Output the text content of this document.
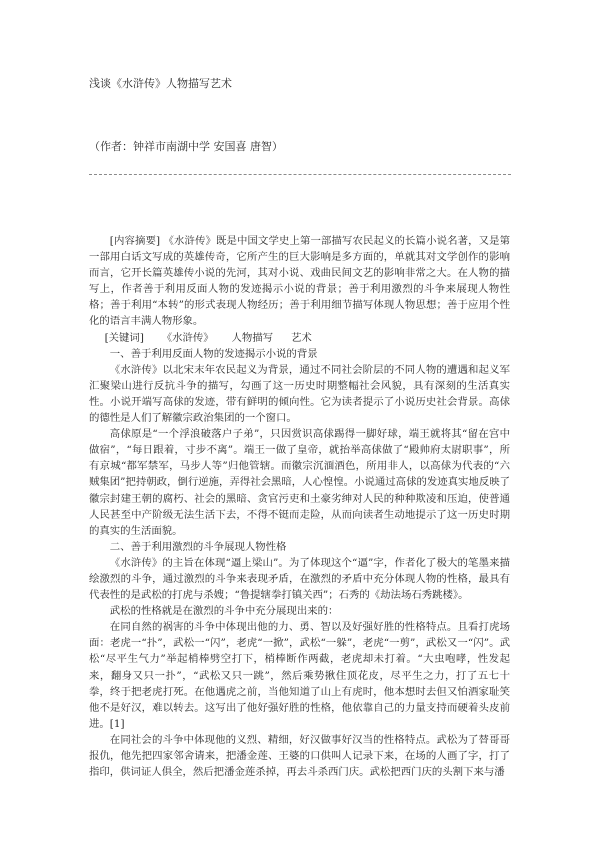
浅谈《水浒传》人物描写艺术
（作者：钟祥市南湖中学 安国喜 唐智）

[内容摘要] 《水浒传》既是中国文学史上第一部描写农民起义的长篇小说名著，又是第一部用白话文写成的英雄传奇，它所产生的巨大影响是多方面的，单就其对文学创作的影响而言，它开长篇英雄传小说的先河，其对小说、戏曲民间文艺的影响非常之大。在人物的描写上，作者善于利用反面人物的发迹揭示小说的背景；善于利用激烈的斗争来展现人物性格；善于利用“本转”的形式表现人物经历；善于利用细节描写体现人物思想；善于应用个性化的语言丰满人物形象。

[关键词] 《水浒传》 人物描写 艺术

一、善于利用反面人物的发迹揭示小说的背景

《水浒传》以北宋末年农民起义为背景，通过不同社会阶层的不同人物的遭遇和起义军汇聚梁山进行反抗斗争的描写，勾画了这一历史时期整幅社会风貌，具有深刻的生活真实性。小说开端写高俅的发迹，带有鲜明的倾向性。它为读者提示了小说历史社会背景。高俅的德性是人们了解徽宗政治集团的一个窗口。

高俅原是“一个浮浪破落户子弟”，只因赏识高俅踢得一脚好球，端王就将其“留在宫中做宿”，“每日跟着，寸步不离”。端王一做了皇帝，就抬举高俅做了“殿帅府太尉职事”，所有京城“都军禁军，马步人等”归他管辖。而徽宗沉湎酒色，所用非人，以高俅为代表的“六贼集团”把持朝政，倒行逆施，弄得社会黑暗，人心惶惶。小说通过高俅的发迹真实地反映了徽宗封建王朝的腐朽、社会的黑暗、贪官污吏和土豪劣绅对人民的种种欺凌和压迫，使普通人民甚至中产阶级无法生活下去，不得不铤而走险，从而向读者生动地提示了这一历史时期的真实的生活面貌。

二、善于利用激烈的斗争展现人物性格

《水浒传》的主旨在体现“逼上梁山”。为了体现这个“逼”字，作者化了极大的笔墨来描绘激烈的斗争，通过激烈的斗争来表现矛盾，在激烈的矛盾中充分体现人物的性格，最具有代表性的是武松的打虎与杀嫂；“鲁提辖拳打镇关西”；石秀的《劫法场石秀跳楼》。

武松的性格就是在激烈的斗争中充分展现出来的：

在同自然的祸害的斗争中体现出他的力、勇、智以及好强好胜的性格特点。且看打虎场面：老虎一“扑”，武松一“闪”，老虎“一掀”，武松“一躲”，老虎“一剪”，武松又一“闪”。武松“尽平生气力”举起梢棒劈空打下，梢棒断作两截，老虎却未打着。“大虫咆哮，性发起来，翻身又只一扑”，“武松又只一跳”，然后乘势揪住顶花皮，尽平生之力，打了五七十拳，终于把老虎打死。在他遇虎之前，当他知道了山上有虎时，他本想时去但又怕酒家耻笑他不是好汉，难以转去。这写出了他好强好胜的性格，他依靠自己的力量支持而硬着头皮前进。[1]

在同社会的斗争中体现他的义烈、精细，好汉做事好汉当的性格特点。武松为了替哥哥报仇，他先把四家邻舍请来，把潘金莲、王婆的口供叫人记录下来，在场的人画了字，打了指印，供词证人俱全，然后把潘金莲杀掉，再去斗杀西门庆。武松把西门庆的头割下来与潘
